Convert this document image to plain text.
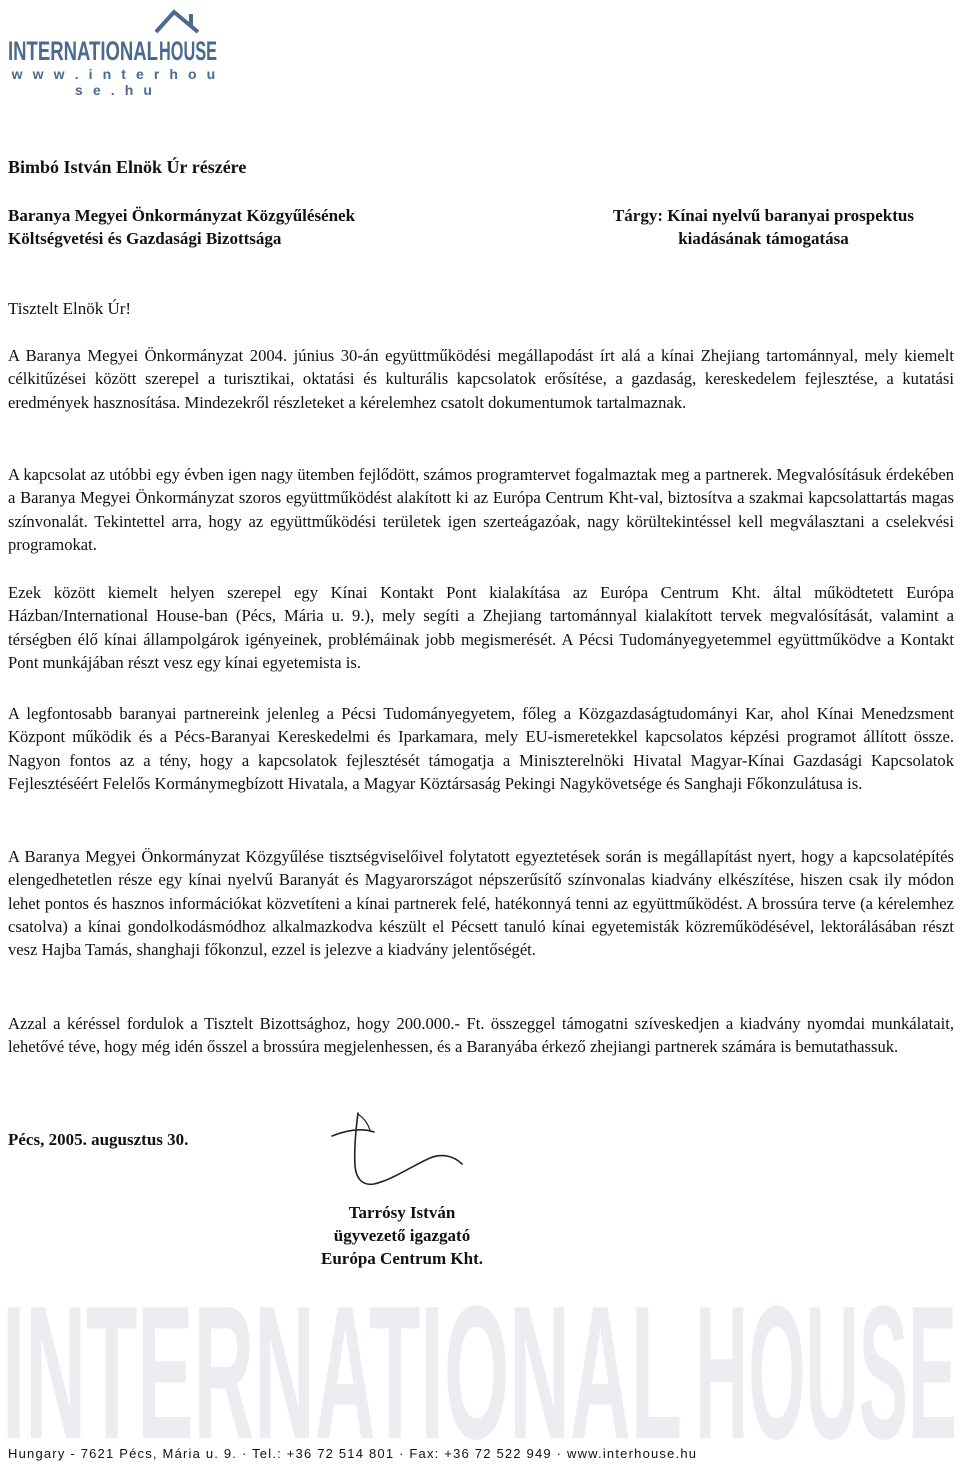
INTERNATIONAL HOUSE
w w w . i n t e r h o u s e . h u
INTERNATIONAL HOUSE
Bimbó István Elnök Úr részére
Baranya Megyei Önkormányzat Közgyűlésének
Költségvetési és Gazdasági Bizottsága
Tárgy: Kínai nyelvű baranyai prospektus
kiadásának támogatása
Tisztelt Elnök Úr!

A Baranya Megyei Önkormányzat 2004. június 30-án együttműködési megállapodást írt alá a kínai Zhejiang tartománnyal, mely kiemelt célkitűzései között szerepel a turisztikai, oktatási és kulturális kapcsolatok erősítése, a gazdaság, kereskedelem fejlesztése, a kutatási eredmények hasznosítása. Mindezekről részleteket a kérelemhez csatolt dokumentumok tartalmaznak.

A kapcsolat az utóbbi egy évben igen nagy ütemben fejlődött, számos programtervet fogalmaztak meg a partnerek. Megvalósításuk érdekében a Baranya Megyei Önkormányzat szoros együttműködést alakított ki az Európa Centrum Kht-val, biztosítva a szakmai kapcsolattartás magas színvonalát. Tekintettel arra, hogy az együttműködési területek igen szerteágazóak, nagy körültekintéssel kell megválasztani a cselekvési programokat.

Ezek között kiemelt helyen szerepel egy Kínai Kontakt Pont kialakítása az Európa Centrum Kht. által működtetett Európa Házban/International House-ban (Pécs, Mária u. 9.), mely segíti a Zhejiang tartománnyal kialakított tervek megvalósítását, valamint a térségben élő kínai állampolgárok igényeinek, problémáinak jobb megismerését. A Pécsi Tudományegyetemmel együttműködve a Kontakt Pont munkájában részt vesz egy kínai egyetemista is.

A legfontosabb baranyai partnereink jelenleg a Pécsi Tudományegyetem, főleg a Közgazdaságtudományi Kar, ahol Kínai Menedzsment Központ működik és a Pécs-Baranyai Kereskedelmi és Iparkamara, mely EU-ismeretekkel kapcsolatos képzési programot állított össze. Nagyon fontos az a tény, hogy a kapcsolatok fejlesztését támogatja a Miniszterelnöki Hivatal Magyar-Kínai Gazdasági Kapcsolatok Fejlesztéséért Felelős Kormánymegbízott Hivatala, a Magyar Köztársaság Pekingi Nagykövetsége és Sanghaji Főkonzulátusa is.

A Baranya Megyei Önkormányzat Közgyűlése tisztségviselőivel folytatott egyeztetések során is megállapítást nyert, hogy a kapcsolatépítés elengedhetetlen része egy kínai nyelvű Baranyát és Magyarországot népszerűsítő színvonalas kiadvány elkészítése, hiszen csak ily módon lehet pontos és hasznos információkat közvetíteni a kínai partnerek felé, hatékonnyá tenni az együttműködést. A brossúra terve (a kérelemhez csatolva) a kínai gondolkodásmódhoz alkalmazkodva készült el Pécsett tanuló kínai egyetemisták közreműködésével, lektorálásában részt vesz Hajba Tamás, shanghaji főkonzul, ezzel is jelezve a kiadvány jelentőségét.

Azzal a kéréssel fordulok a Tisztelt Bizottsághoz, hogy 200.000.- Ft. összeggel támogatni szíveskedjen a kiadvány nyomdai munkálatait, lehetővé téve, hogy még idén ősszel a brossúra megjelenhessen, és a Baranyába érkező zhejiangi partnerek számára is bemutathassuk.

Pécs, 2005. augusztus 30.
Tarrósy István
ügyvezető igazgató
Európa Centrum Kht.
Hungary - 7621 Pécs, Mária u. 9. · Tel.: +36 72 514 801 · Fax: +36 72 522 949 · www.interhouse.hu
